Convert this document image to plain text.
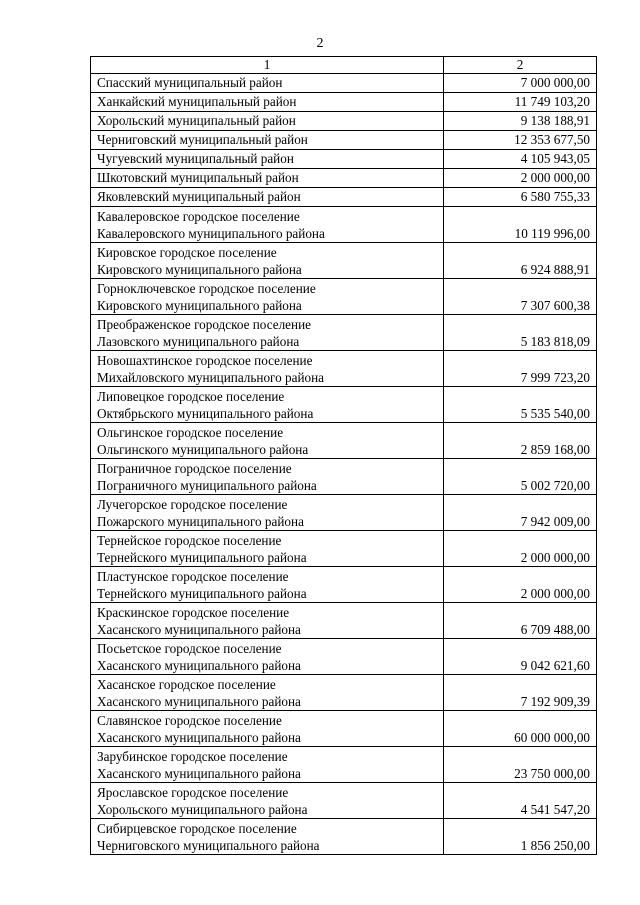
2
1	2

Спасский муниципальный район	7 000 000,00

Ханкайский муниципальный район	11 749 103,20

Хорольский муниципальный район	9 138 188,91

Черниговский муниципальный район	12 353 677,50

Чугуевский муниципальный район	4 105 943,05

Шкотовский муниципальный район	2 000 000,00

Яковлевский муниципальный район	6 580 755,33

Кавалеровское городское поселение
Кавалеровского муниципального района	10 119 996,00

Кировское городское поселение
Кировского муниципального района	6 924 888,91

Горноключевское городское поселение
Кировского муниципального района	7 307 600,38

Преображенское городское поселение
Лазовского муниципального района	5 183 818,09

Новошахтинское городское поселение
Михайловского муниципального района	7 999 723,20

Липовецкое городское поселение
Октябрьского муниципального района	5 535 540,00

Ольгинское городское поселение
Ольгинского муниципального района	2 859 168,00

Пограничное городское поселение
Пограничного муниципального района	5 002 720,00

Лучегорское городское поселение
Пожарского муниципального района	7 942 009,00

Тернейское городское поселение
Тернейского муниципального района	2 000 000,00

Пластунское городское поселение
Тернейского муниципального района	2 000 000,00

Краскинское городское поселение
Хасанского муниципального района	6 709 488,00

Посьетское городское поселение
Хасанского муниципального района	9 042 621,60

Хасанское городское поселение
Хасанского муниципального района	7 192 909,39

Славянское городское поселение
Хасанского муниципального района	60 000 000,00

Зарубинское городское поселение
Хасанского муниципального района	23 750 000,00

Ярославское городское поселение
Хорольского муниципального района	4 541 547,20

Сибирцевское городское поселение
Черниговского муниципального района	1 856 250,00
